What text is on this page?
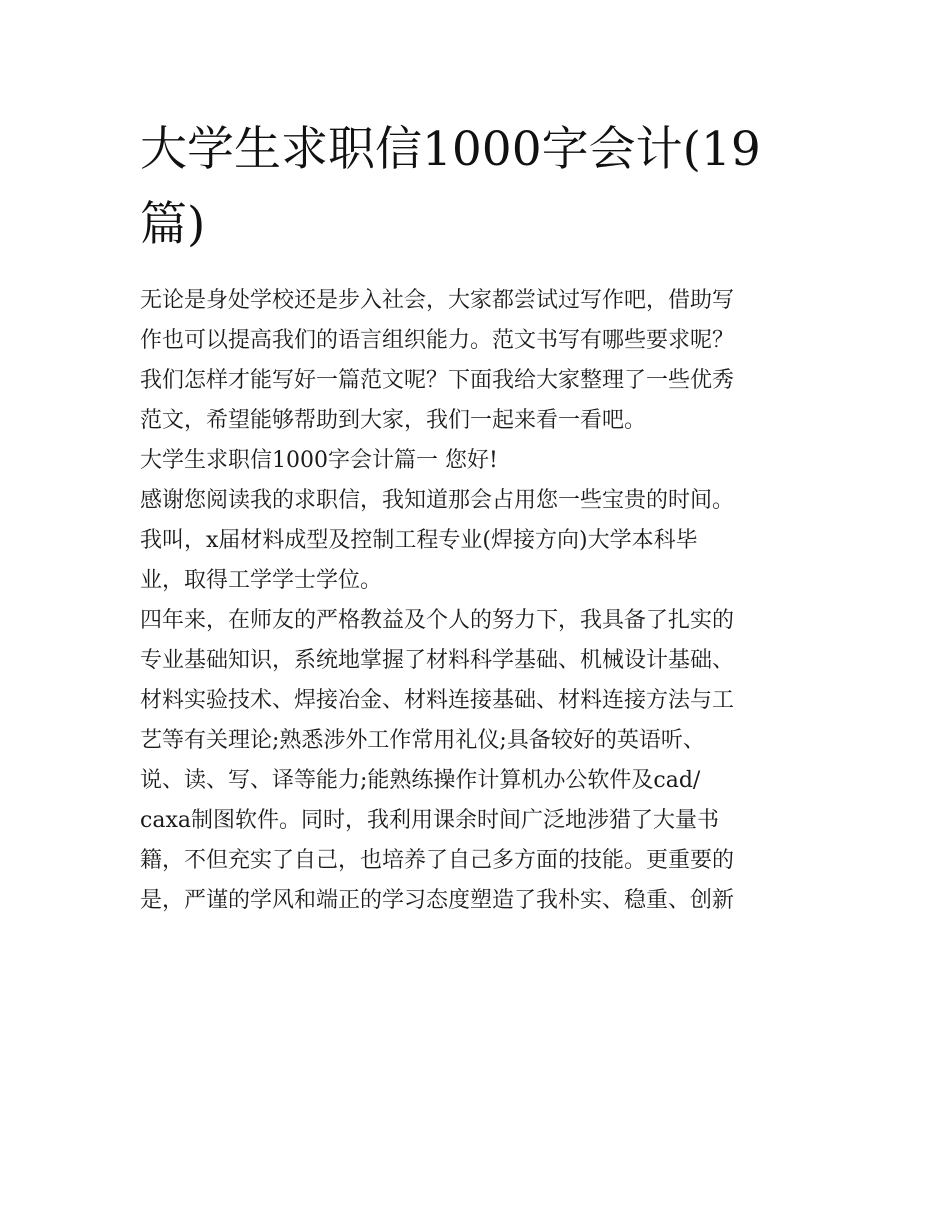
大学生求职信1000字会计(19
篇)

无论是身处学校还是步入社会，大家都尝试过写作吧，借助写

作也可以提高我们的语言组织能力。范文书写有哪些要求呢？

我们怎样才能写好一篇范文呢？下面我给大家整理了一些优秀

范文，希望能够帮助到大家，我们一起来看一看吧。

大学生求职信1000字会计篇一 您好!

感谢您阅读我的求职信，我知道那会占用您一些宝贵的时间。

我叫，x届材料成型及控制工程专业(焊接方向)大学本科毕

业，取得工学学士学位。

四年来，在师友的严格教益及个人的努力下，我具备了扎实的

专业基础知识，系统地掌握了材料科学基础、机械设计基础、

材料实验技术、焊接冶金、材料连接基础、材料连接方法与工

艺等有关理论;熟悉涉外工作常用礼仪;具备较好的英语听、

说、读、写、译等能力;能熟练操作计算机办公软件及cad/

caxa制图软件。同时，我利用课余时间广泛地涉猎了大量书

籍，不但充实了自己，也培养了自己多方面的技能。更重要的

是，严谨的学风和端正的学习态度塑造了我朴实、稳重、创新
